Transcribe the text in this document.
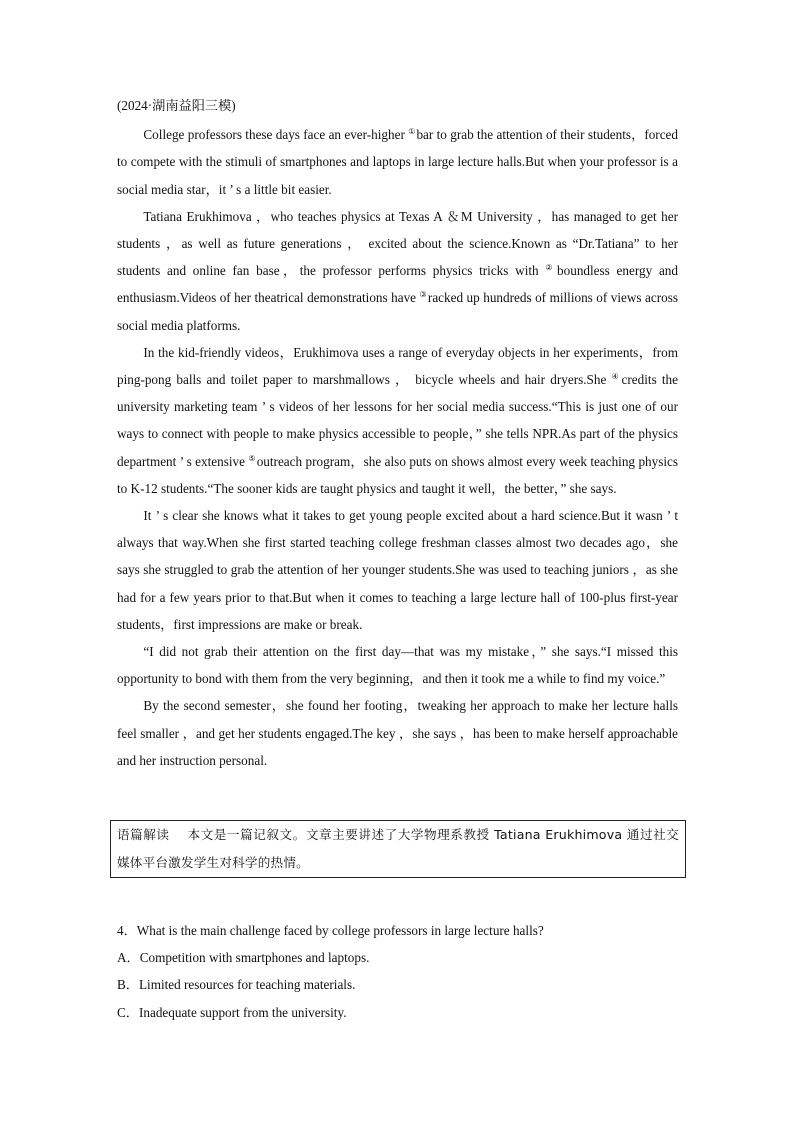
(2024·湖南益阳三模)

College professors these days face an ever-higher ①bar to grab the attention of their students，forced to compete with the stimuli of smartphones and laptops in large lecture halls.But when your professor is a social media star，it ’ s a little bit easier.

Tatiana Erukhimova ，who teaches physics at Texas A ＆M University ，has managed to get her students ，as well as future generations ， excited about the science.Known as “Dr.Tatiana” to her students and online fan base，the professor performs physics tricks with ②boundless energy and enthusiasm.Videos of her theatrical demonstrations have ③racked up hundreds of millions of views across social media platforms.

In the kid-friendly videos，Erukhimova uses a range of everyday objects in her experiments，from ping-pong balls and toilet paper to marshmallows ， bicycle wheels and hair dryers.She ④credits the university marketing team ’ s videos of her lessons for her social media success.“This is just one of our ways to connect with people to make physics accessible to people，” she tells NPR.As part of the physics department ’ s extensive ⑤outreach program，she also puts on shows almost every week teaching physics to K-12 students.“The sooner kids are taught physics and taught it well，the better，” she says.

It ’ s clear she knows what it takes to get young people excited about a hard science.But it wasn ’ t always that way.When she first started teaching college freshman classes almost two decades ago，she says she struggled to grab the attention of her younger students.She was used to teaching juniors ，as she had for a few years prior to that.But when it comes to teaching a large lecture hall of 100-plus first-year students，first impressions are make or break.

“I did not grab their attention on the first day—that was my mistake，” she says.“I missed this opportunity to bond with them from the very beginning，and then it took me a while to find my voice.”

By the second semester，she found her footing，tweaking her approach to make her lecture halls feel smaller ，and get her students engaged.The key ，she says ，has been to make herself approachable and her instruction personal.

语篇解读 本文是一篇记叙文。文章主要讲述了大学物理系教授 Tatiana Erukhimova 通过社交媒体平台激发学生对科学的热情。

4．What is the main challenge faced by college professors in large lecture halls?

A．Competition with smartphones and laptops.

B．Limited resources for teaching materials.

C．Inadequate support from the university.
